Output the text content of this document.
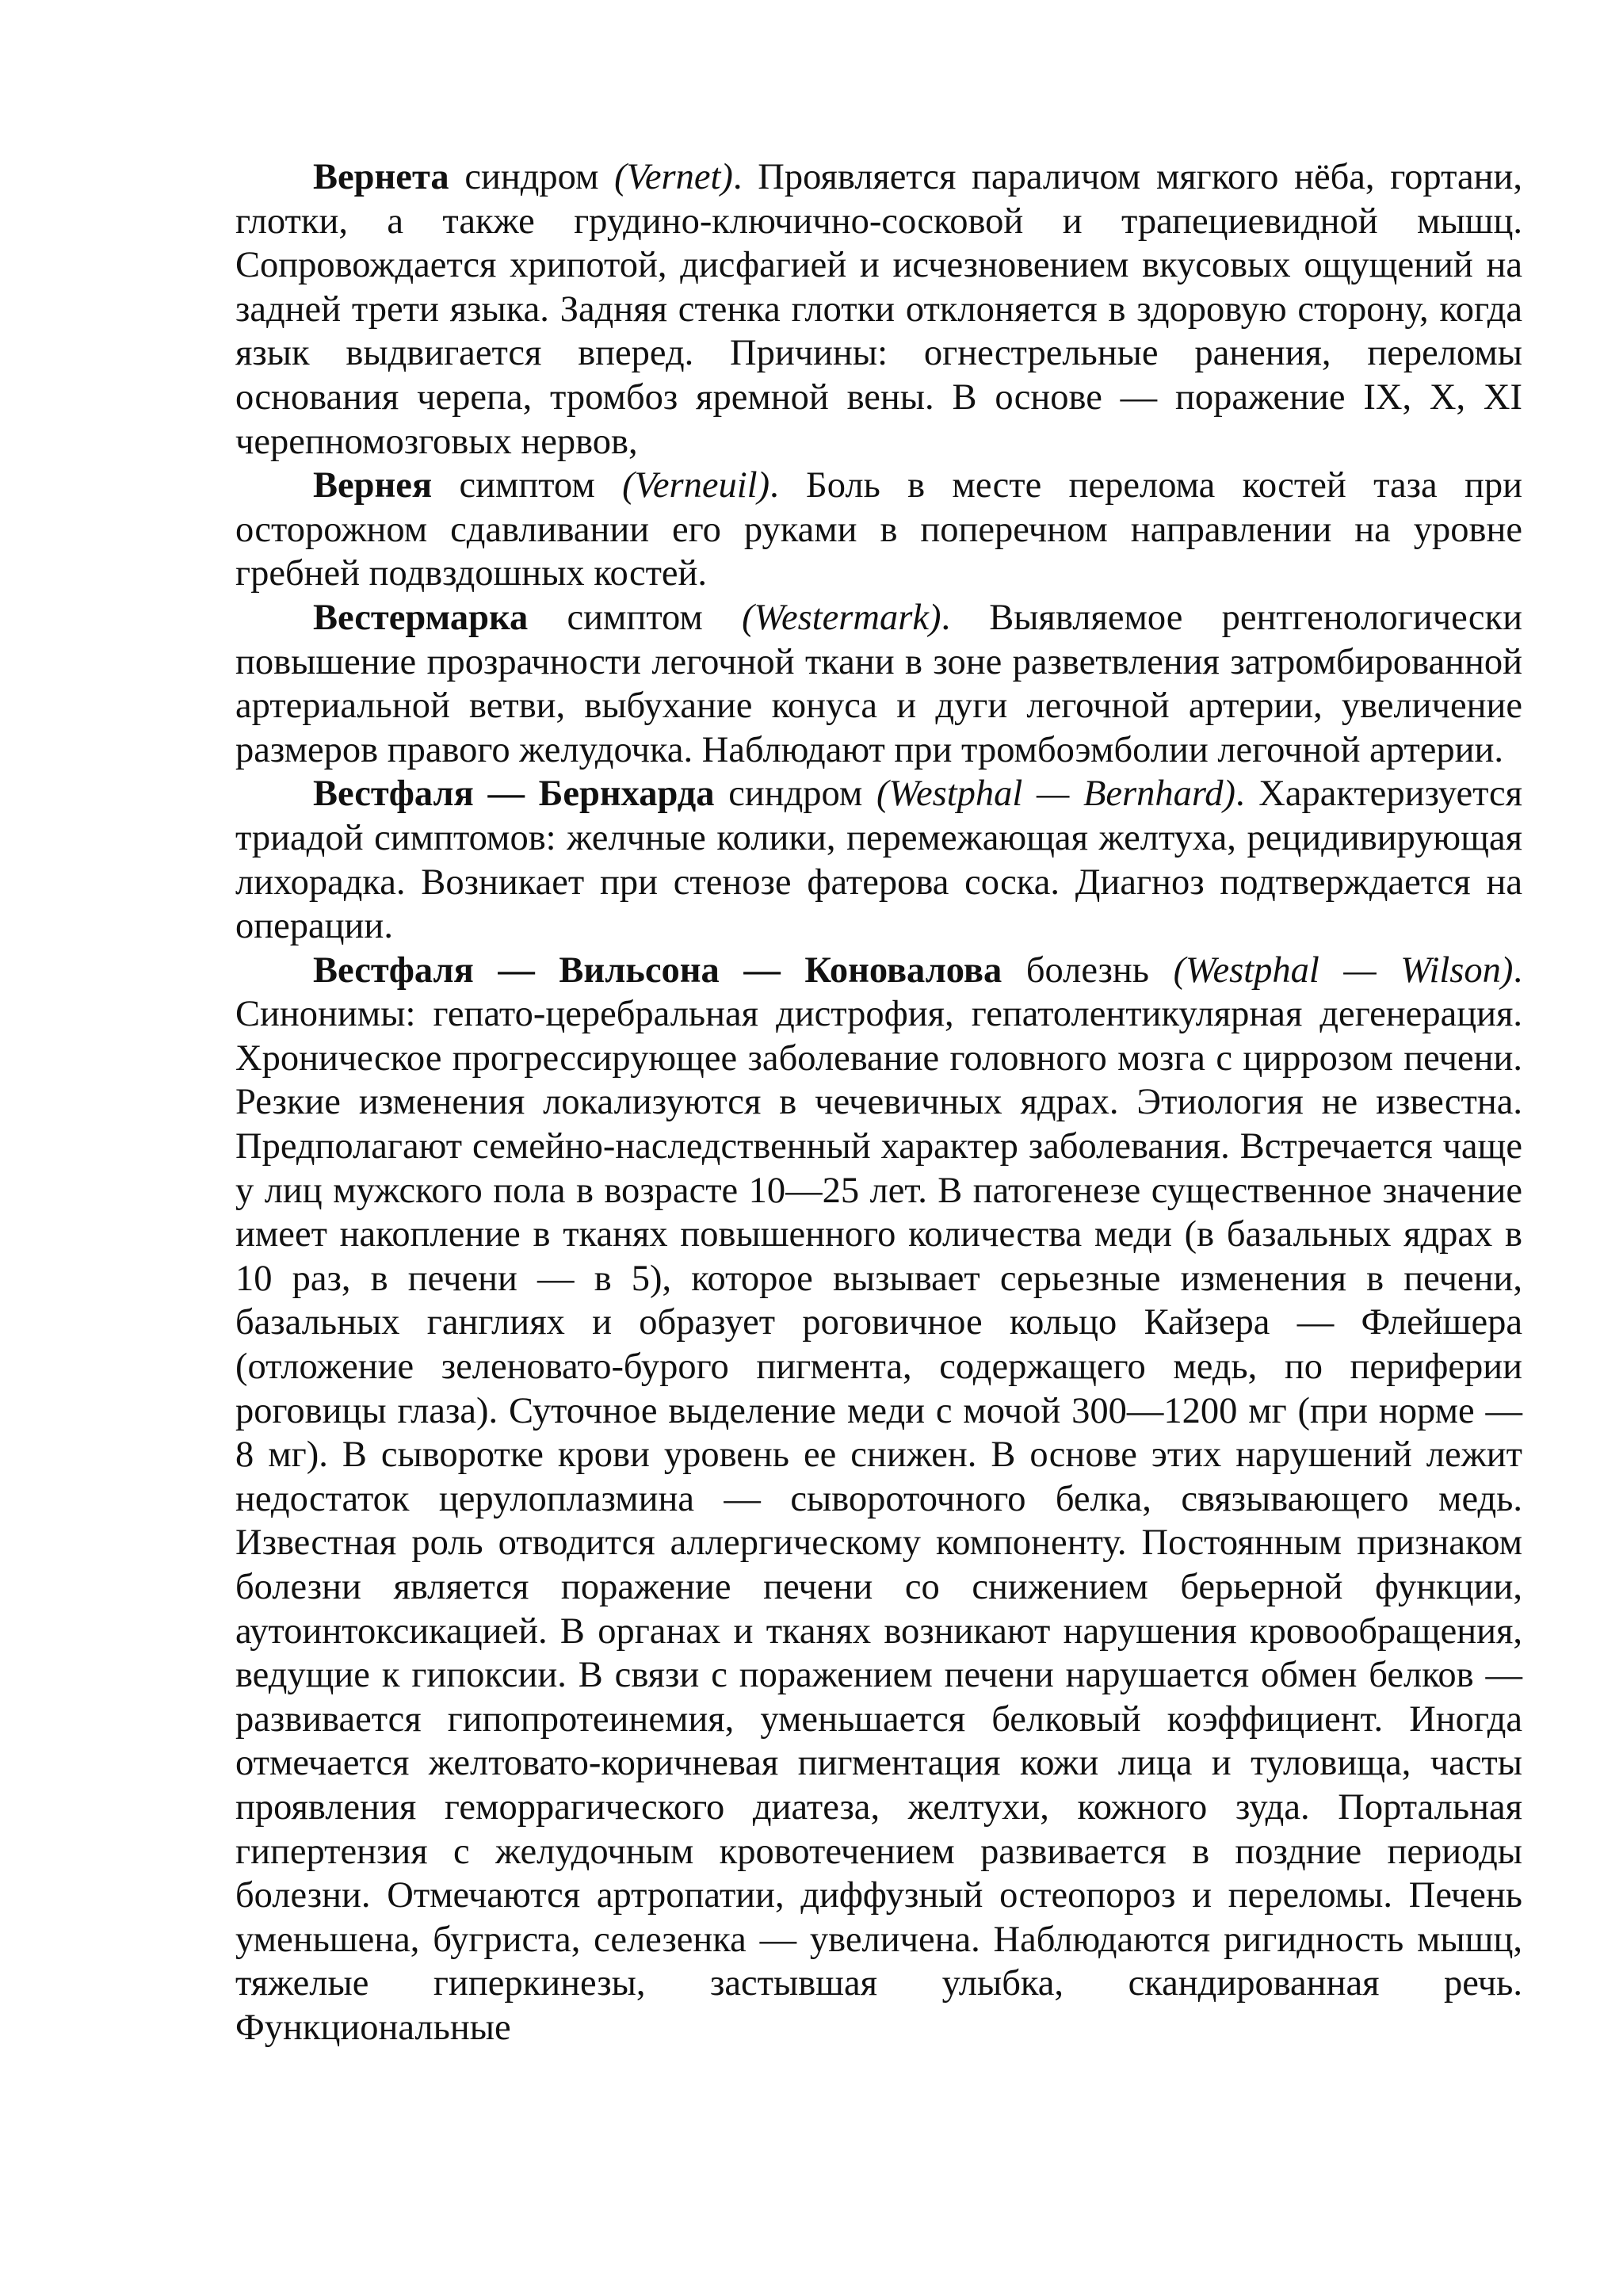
Вернета синдром (Vernet). Проявляется параличом мягкого нёба, гортани, глотки, а также грудино-ключично-сосковой и трапециевидной мышц. Сопровождается хрипотой, дисфагией и исчезновением вкусовых ощущений на задней трети языка. Задняя стенка глотки отклоняется в здоровую сторону, когда язык выдвигается вперед. Причины: огнестрельные ранения, переломы основания черепа, тромбоз яремной вены. В основе — поражение IX, X, XI черепномозговых нервов,

Вернея симптом (Verneuil). Боль в месте перелома костей таза при осторожном сдавливании его руками в поперечном направлении на уровне гребней подвздошных костей.

Вестермарка симптом (Westermark). Выявляемое рентгенологически повышение прозрачности легочной ткани в зоне разветвления затромбированной артериальной ветви, выбухание конуса и дуги легочной артерии, увеличение размеров правого желудочка. Наблюдают при тромбоэмболии легочной артерии.

Вестфаля — Бернхарда синдром (Westphal — Bernhard). Характеризуется триадой симптомов: желчные колики, перемежающая желтуха, рецидивирующая лихорадка. Возникает при стенозе фатерова соска. Диагноз подтверждается на операции.

Вестфаля — Вильсона — Коновалова болезнь (Westphal — Wilson). Синонимы: гепато-церебральная дистрофия, гепатолентикулярная дегенерация. Хроническое прогрессирующее заболевание головного мозга с циррозом печени. Резкие изменения локализуются в чечевичных ядрах. Этиология не известна. Предполагают семейно-наследственный характер заболевания. Встречается чаще у лиц мужского пола в возрасте 10—25 лет. В патогенезе существенное значение имеет накопление в тканях повышенного количества меди (в базальных ядрах в 10 раз, в печени — в 5), которое вызывает серьезные изменения в печени, базальных ганглиях и образует роговичное кольцо Кайзера — Флейшера (отложение зеленовато-бурого пигмента, содержащего медь, по периферии роговицы глаза). Суточное выделение меди с мочой 300—1200 мг (при норме — 8 мг). В сыворотке крови уровень ее снижен. В основе этих нарушений лежит недостаток церулоплазмина — сывороточного белка, связывающего медь. Известная роль отводится аллергическому компоненту. Постоянным признаком болезни является поражение печени со снижением берьерной функции, аутоинтоксикацией. В органах и тканях возникают нарушения кровообращения, ведущие к гипоксии. В связи с поражением печени нарушается обмен белков — развивается гипопротеинемия, уменьшается белковый коэффициент. Иногда отмечается желтовато-коричневая пигментация кожи лица и туловища, часты проявления геморрагического диатеза, желтухи, кожного зуда. Портальная гипертензия с желудочным кровотечением развивается в поздние периоды болезни. Отмечаются артропатии, диффузный остеопороз и переломы. Печень уменьшена, бугриста, селезенка — увеличена. Наблюдаются ригидность мышц, тяжелые гиперкинезы, застывшая улыбка, скандированная речь. Функциональные
